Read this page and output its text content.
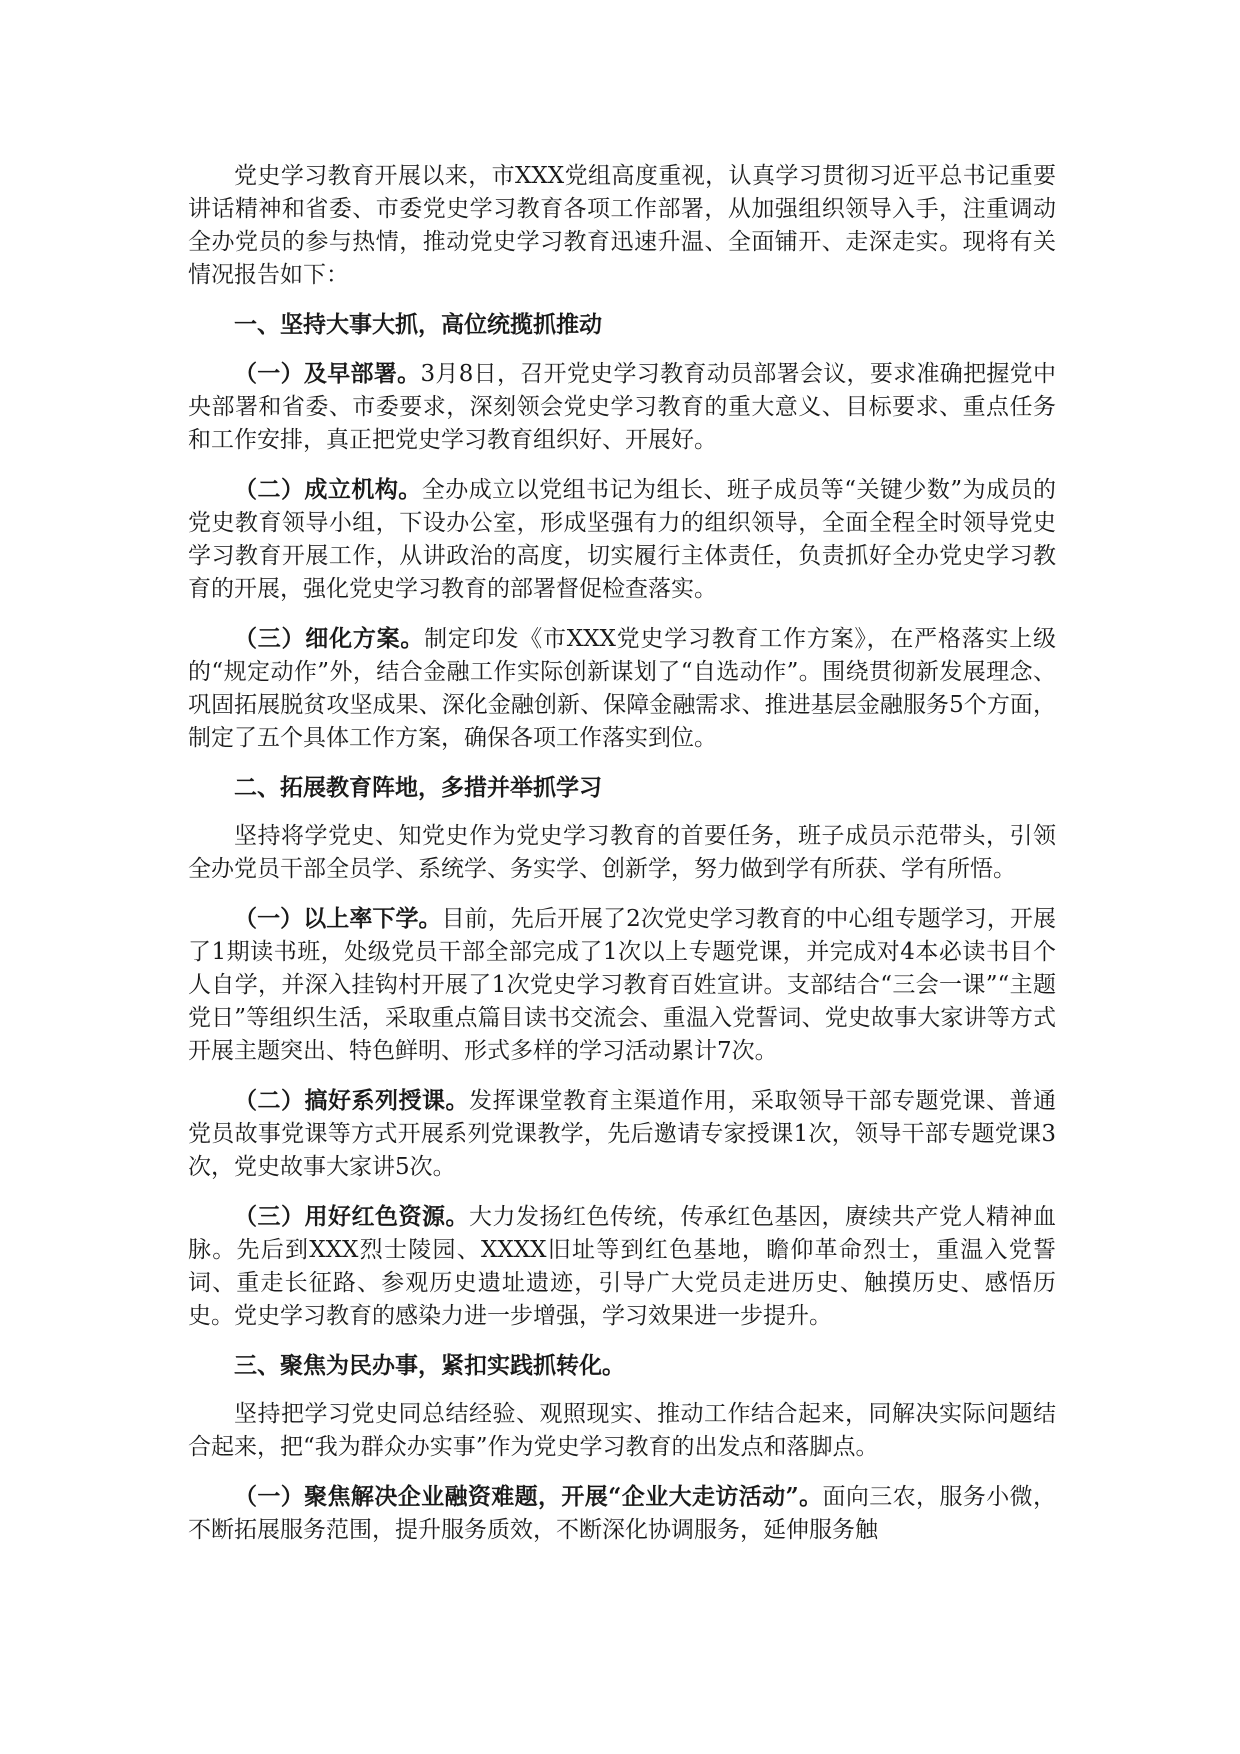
党史学习教育开展以来，市XXX党组高度重视，认真学习贯彻习近平总书记重要讲话精神和省委、市委党史学习教育各项工作部署，从加强组织领导入手，注重调动全办党员的参与热情，推动党史学习教育迅速升温、全面铺开、走深走实。现将有关情况报告如下：

一、坚持大事大抓，高位统揽抓推动

（一）及早部署。3月8日，召开党史学习教育动员部署会议，要求准确把握党中央部署和省委、市委要求，深刻领会党史学习教育的重大意义、目标要求、重点任务和工作安排，真正把党史学习教育组织好、开展好。

（二）成立机构。全办成立以党组书记为组长、班子成员等“关键少数”为成员的党史教育领导小组，下设办公室，形成坚强有力的组织领导，全面全程全时领导党史学习教育开展工作，从讲政治的高度，切实履行主体责任，负责抓好全办党史学习教育的开展，强化党史学习教育的部署督促检查落实。

（三）细化方案。制定印发《市XXX党史学习教育工作方案》，在严格落实上级的“规定动作”外，结合金融工作实际创新谋划了“自选动作”。围绕贯彻新发展理念、巩固拓展脱贫攻坚成果、深化金融创新、保障金融需求、推进基层金融服务5个方面，制定了五个具体工作方案，确保各项工作落实到位。

二、拓展教育阵地，多措并举抓学习

坚持将学党史、知党史作为党史学习教育的首要任务，班子成员示范带头，引领全办党员干部全员学、系统学、务实学、创新学，努力做到学有所获、学有所悟。

（一）以上率下学。目前，先后开展了2次党史学习教育的中心组专题学习，开展了1期读书班，处级党员干部全部完成了1次以上专题党课，并完成对4本必读书目个人自学，并深入挂钩村开展了1次党史学习教育百姓宣讲。支部结合“三会一课”“主题党日”等组织生活，采取重点篇目读书交流会、重温入党誓词、党史故事大家讲等方式开展主题突出、特色鲜明、形式多样的学习活动累计7次。

（二）搞好系列授课。发挥课堂教育主渠道作用，采取领导干部专题党课、普通党员故事党课等方式开展系列党课教学，先后邀请专家授课1次，领导干部专题党课3次，党史故事大家讲5次。

（三）用好红色资源。大力发扬红色传统，传承红色基因，赓续共产党人精神血脉。先后到XXX烈士陵园、XXXX旧址等到红色基地，瞻仰革命烈士，重温入党誓词、重走长征路、参观历史遗址遗迹，引导广大党员走进历史、触摸历史、感悟历史。党史学习教育的感染力进一步增强，学习效果进一步提升。

三、聚焦为民办事，紧扣实践抓转化。

坚持把学习党史同总结经验、观照现实、推动工作结合起来，同解决实际问题结合起来，把“我为群众办实事”作为党史学习教育的出发点和落脚点。

（一）聚焦解决企业融资难题，开展“企业大走访活动”。面向三农，服务小微，不断拓展服务范围，提升服务质效，不断深化协调服务，延伸服务触
